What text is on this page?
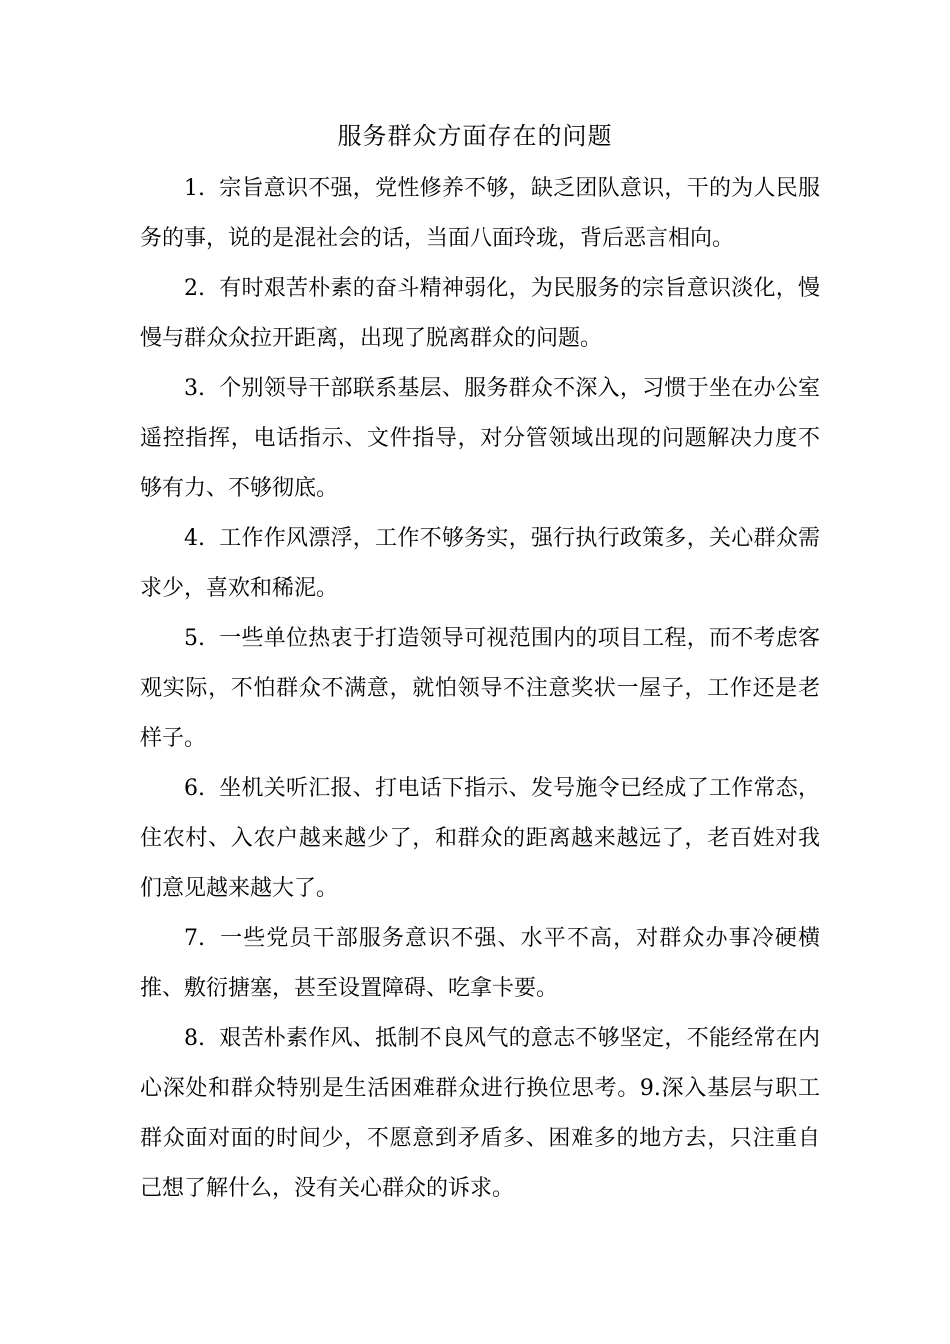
服务群众方面存在的问题

1. 宗旨意识不强，党性修养不够，缺乏团队意识，干的为人民服务的事，说的是混社会的话，当面八面玲珑，背后恶言相向。

2. 有时艰苦朴素的奋斗精神弱化，为民服务的宗旨意识淡化，慢慢与群众众拉开距离，出现了脱离群众的问题。

3. 个别领导干部联系基层、服务群众不深入，习惯于坐在办公室遥控指挥，电话指示、文件指导，对分管领域出现的问题解决力度不够有力、不够彻底。

4. 工作作风漂浮，工作不够务实，强行执行政策多，关心群众需求少，喜欢和稀泥。

5. 一些单位热衷于打造领导可视范围内的项目工程，而不考虑客观实际，不怕群众不满意，就怕领导不注意奖状一屋子，工作还是老样子。

6. 坐机关听汇报、打电话下指示、发号施令已经成了工作常态，住农村、入农户越来越少了，和群众的距离越来越远了，老百姓对我们意见越来越大了。

7. 一些党员干部服务意识不强、水平不高，对群众办事冷硬横推、敷衍搪塞，甚至设置障碍、吃拿卡要。

8. 艰苦朴素作风、抵制不良风气的意志不够坚定，不能经常在内心深处和群众特别是生活困难群众进行换位思考。9.深入基层与职工群众面对面的时间少，不愿意到矛盾多、困难多的地方去，只注重自己想了解什么，没有关心群众的诉求。
